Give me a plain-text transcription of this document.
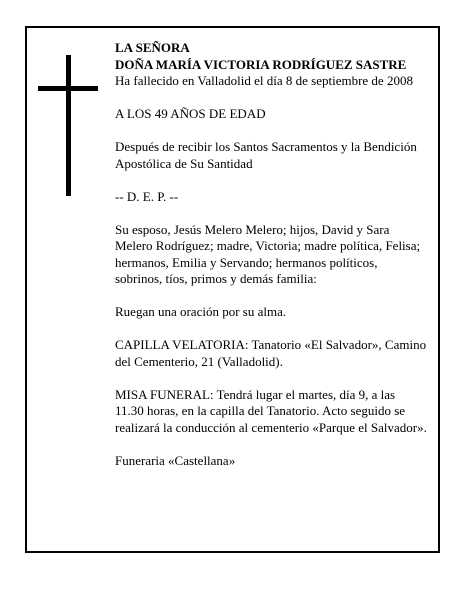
LA SEÑORA

DOÑA MARÍA VICTORIA RODRÍGUEZ SASTRE

Ha fallecido en Valladolid el día 8 de septiembre de 2008

A LOS 49 AÑOS DE EDAD

Después de recibir los Santos Sacramentos y la Bendición Apostólica de Su Santidad

-- D. E. P. --

Su esposo, Jesús Melero Melero; hijos, David y Sara Melero Rodríguez; madre, Victoria; madre política, Felisa; hermanos, Emilia y Servando; hermanos políticos, sobrinos, tíos, primos y demás familia:

Ruegan una oración por su alma.

CAPILLA VELATORIA: Tanatorio «El Salvador», Camino del Cementerio, 21 (Valladolid).

MISA FUNERAL: Tendrá lugar el martes, día 9, a las 11.30 horas, en la capilla del Tanatorio. Acto seguido se realizará la conducción al cementerio «Parque el Salvador».

Funeraria «Castellana»
